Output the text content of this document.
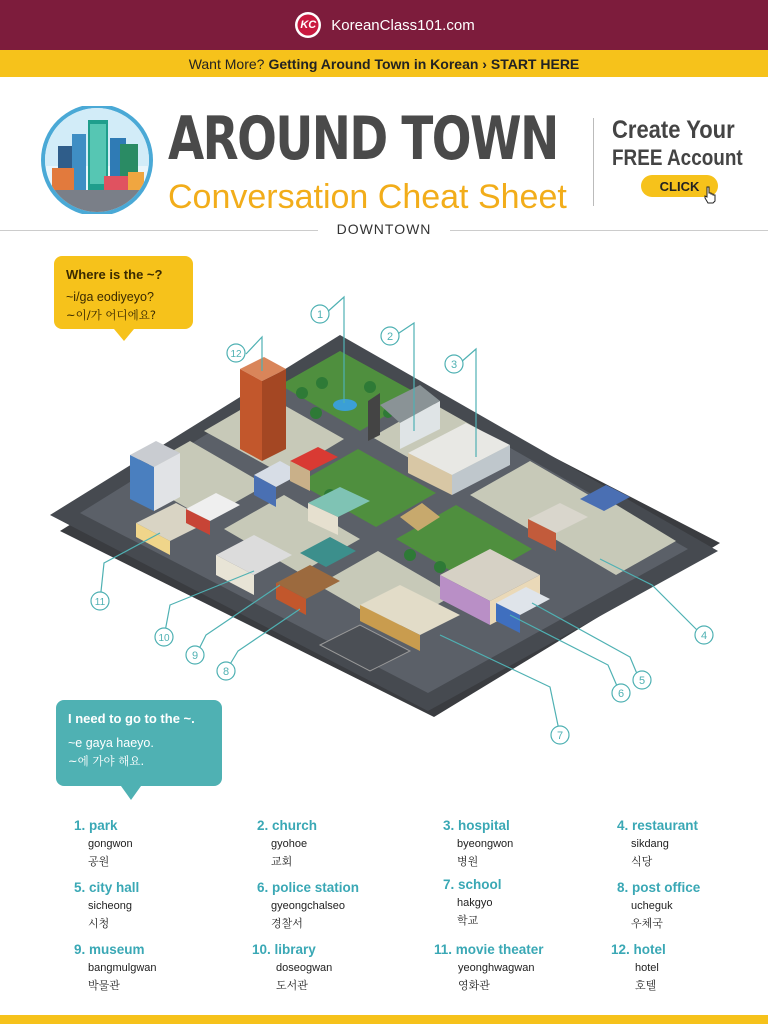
KC	KoreanClass101.com
Want More? Getting Around Town in Korean › START HERE
AROUND TOWN
Conversation Cheat Sheet
Create Your
FREE Account
CLICK
DOWNTOWN
1
2
3
4
5
6
7
8
9
10
11
12
Where is the ~?
~i/ga eodiyeyo?
~이/가 어디에요?
I need to go to the ~.
~e gaya haeyo.
~에 가야 해요.
1. park
gongwon
공원
2. church
gyohoe
교회
3. hospital
byeongwon
병원
4. restaurant
sikdang
식당
5. city hall
sicheong
시청
6. police station
gyeongchalseo
경찰서
7. school
hakgyo
학교
8. post office
ucheguk
우체국
9. museum
bangmulgwan
박물관
10. library
doseogwan
도서관
11. movie theater
yeonghwagwan
영화관
12. hotel
hotel
호텔
